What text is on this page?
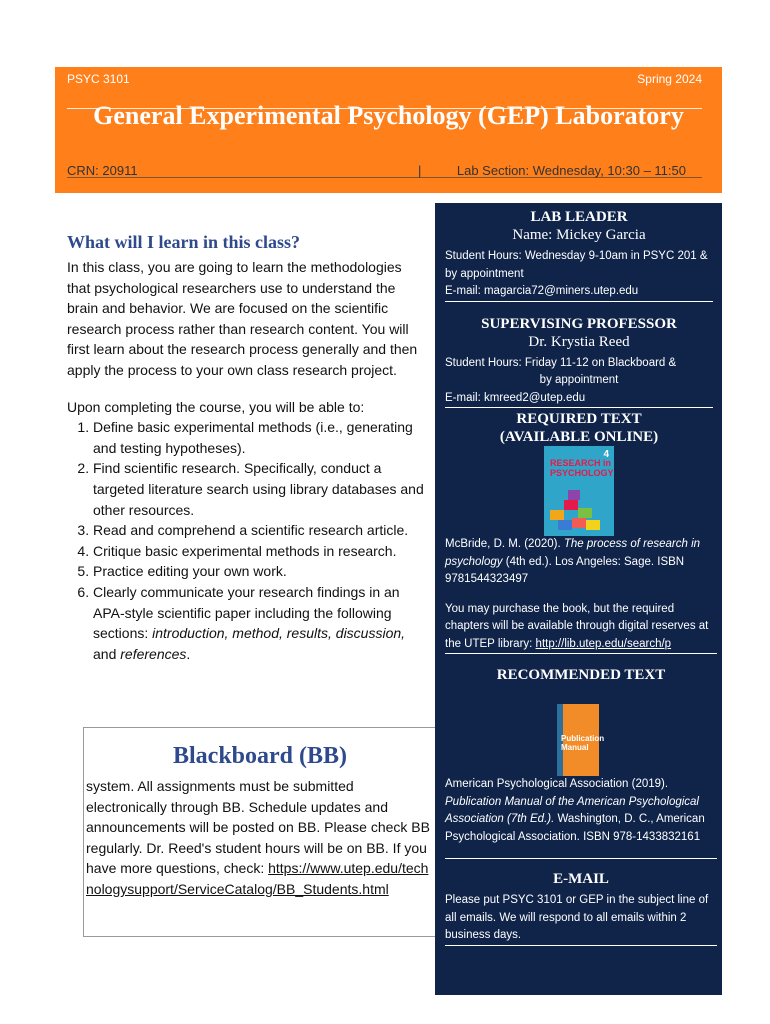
PSYC 3101	Spring 2024
General Experimental Psychology (GEP) Laboratory
CRN: 20911	|	Lab Section: Wednesday, 10:30 – 11:50
What will I learn in this class?

In this class, you are going to learn the methodologies that psychological researchers use to understand the brain and behavior. We are focused on the scientific research process rather than research content. You will first learn about the research process generally and then apply the process to your own class research project.

Upon completing the course, you will be able to:

1. Define basic experimental methods (i.e., generating and testing hypotheses).
2. Find scientific research. Specifically, conduct a targeted literature search using library databases and other resources.
3. Read and comprehend a scientific research article.
4. Critique basic experimental methods in research.
5. Practice editing your own work.
6. Clearly communicate your research findings in an APA-style scientific paper including the following sections: introduction, method, results, discussion, and references.
Blackboard (BB)
system. All assignments must be submitted electronically through BB. Schedule updates and announcements will be posted on BB. Please check BB regularly. Dr. Reed's student hours will be on BB. If you have more questions, check: https://www.utep.edu/technologysupport/ServiceCatalog/BB_Students.html
LAB LEADER
Name: Mickey Garcia
Student Hours: Wednesday 9-10am in PSYC 201 & by appointment
E-mail: magarcia72@miners.utep.edu
SUPERVISING PROFESSOR
Dr. Krystia Reed
Student Hours: Friday 11-12 on Blackboard &
by appointment
E-mail: kmreed2@utep.edu
REQUIRED TEXT (AVAILABLE ONLINE)
4
RESEARCH in PSYCHOLOGY
McBride, D. M. (2020). The process of research in psychology (4th ed.). Los Angeles: Sage. ISBN 9781544323497
You may purchase the book, but the required chapters will be available through digital reserves at the UTEP library: http://lib.utep.edu/search/p
RECOMMENDED TEXT
Publication Manual
American Psychological Association (2019). Publication Manual of the American Psychological Association (7th Ed.). Washington, D. C., American Psychological Association. ISBN 978-1433832161
E-MAIL
Please put PSYC 3101 or GEP in the subject line of all emails. We will respond to all emails within 2 business days.
